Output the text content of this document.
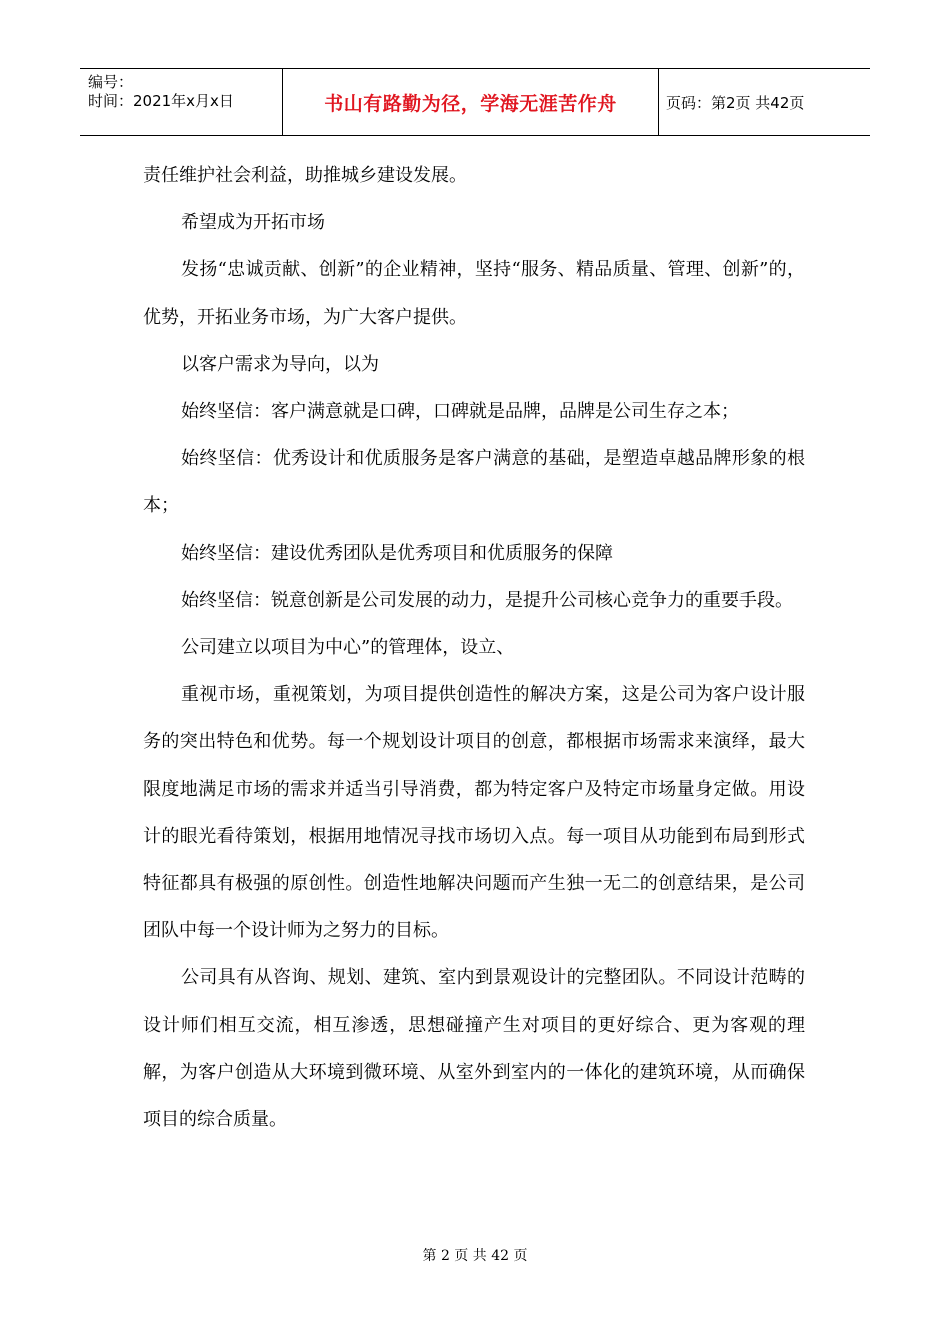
编号：
时间：2021年x月x日	书山有路勤为径，学海无涯苦作舟	页码：第2页 共42页

责任维护社会利益，助推城乡建设发展。

希望成为开拓市场

发扬“忠诚贡献、创新”的企业精神，坚持“服务、精品质量、管理、创新”的，优势，开拓业务市场，为广大客户提供。

以客户需求为导向，以为

始终坚信：客户满意就是口碑，口碑就是品牌，品牌是公司生存之本；

始终坚信：优秀设计和优质服务是客户满意的基础，是塑造卓越品牌形象的根本；

始终坚信：建设优秀团队是优秀项目和优质服务的保障

始终坚信：锐意创新是公司发展的动力，是提升公司核心竞争力的重要手段。

公司建立以项目为中心”的管理体，设立、

重视市场，重视策划，为项目提供创造性的解决方案，这是公司为客户设计服务的突出特色和优势。每一个规划设计项目的创意，都根据市场需求来演绎，最大限度地满足市场的需求并适当引导消费，都为特定客户及特定市场量身定做。用设计的眼光看待策划，根据用地情况寻找市场切入点。每一项目从功能到布局到形式特征都具有极强的原创性。创造性地解决问题而产生独一无二的创意结果，是公司团队中每一个设计师为之努力的目标。

公司具有从咨询、规划、建筑、室内到景观设计的完整团队。不同设计范畴的设计师们相互交流，相互渗透，思想碰撞产生对项目的更好综合、更为客观的理解，为客户创造从大环境到微环境、从室外到室内的一体化的建筑环境，从而确保项目的综合质量。

第 2 页 共 42 页
